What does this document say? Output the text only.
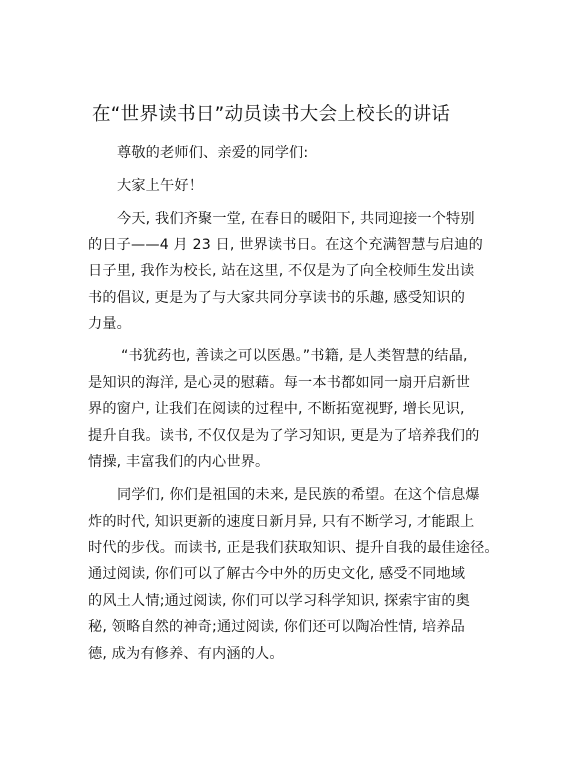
在“世界读书日”动员读书大会上校长的讲话
尊敬的老师们、亲爱的同学们:
大家上午好！
今天, 我们齐聚一堂, 在春日的暖阳下, 共同迎接一个特别
的日子——4 月 23 日, 世界读书日。在这个充满智慧与启迪的
日子里, 我作为校长, 站在这里, 不仅是为了向全校师生发出读
书的倡议, 更是为了与大家共同分享读书的乐趣, 感受知识的
力量。
“书犹药也, 善读之可以医愚。”书籍, 是人类智慧的结晶,
是知识的海洋, 是心灵的慰藉。每一本书都如同一扇开启新世
界的窗户, 让我们在阅读的过程中, 不断拓宽视野, 增长见识,
提升自我。读书, 不仅仅是为了学习知识, 更是为了培养我们的
情操, 丰富我们的内心世界。
同学们, 你们是祖国的未来, 是民族的希望。在这个信息爆
炸的时代, 知识更新的速度日新月异, 只有不断学习, 才能跟上
时代的步伐。而读书, 正是我们获取知识、提升自我的最佳途径。
通过阅读, 你们可以了解古今中外的历史文化, 感受不同地域
的风土人情;通过阅读, 你们可以学习科学知识, 探索宇宙的奥
秘, 领略自然的神奇;通过阅读, 你们还可以陶冶性情, 培养品
德, 成为有修养、有内涵的人。
